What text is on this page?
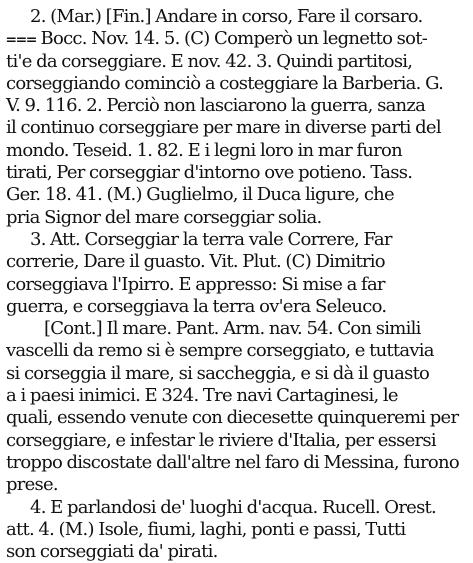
2. (Mar.) [Fin.] Andare in corso, Fare il corsaro.
⩶ Bocc. Nov. 14. 5. (C) Comperò un legnetto sot-
ti'e da corseggiare. E nov. 42. 3. Quindi partitosi,
corseggiando cominciò a costeggiare la Barberia. G.
V. 9. 116. 2. Perciò non lasciarono la guerra, sanza
il continuo corseggiare per mare in diverse parti del
mondo. Teseid. 1. 82. E i legni loro in mar furon
tirati, Per corseggiar d'intorno ove potieno. Tass.
Ger. 18. 41. (M.) Guglielmo, il Duca ligure, che
pria Signor del mare corseggiar solia.
3. Att. Corseggiar la terra vale Correre, Far
correrie, Dare il guasto. Vit. Plut. (C) Dimitrio
corseggiava l'Ipirro. E appresso: Si mise a far
guerra, e corseggiava la terra ov'era Seleuco.
[Cont.] Il mare. Pant. Arm. nav. 54. Con simili
vascelli da remo si è sempre corseggiato, e tuttavia
si corseggia il mare, si saccheggia, e si dà il guasto
a i paesi inimici. E 324. Tre navi Cartaginesi, le
quali, essendo venute con diecesette quinqueremi per
corseggiare, e infestar le riviere d'Italia, per essersi
troppo discostate dall'altre nel faro di Messina, furono
prese.
4. E parlandosi de' luoghi d'acqua. Rucell. Orest.
att. 4. (M.) Isole, fiumi, laghi, ponti e passi, Tutti
son corseggiati da' pirati.
